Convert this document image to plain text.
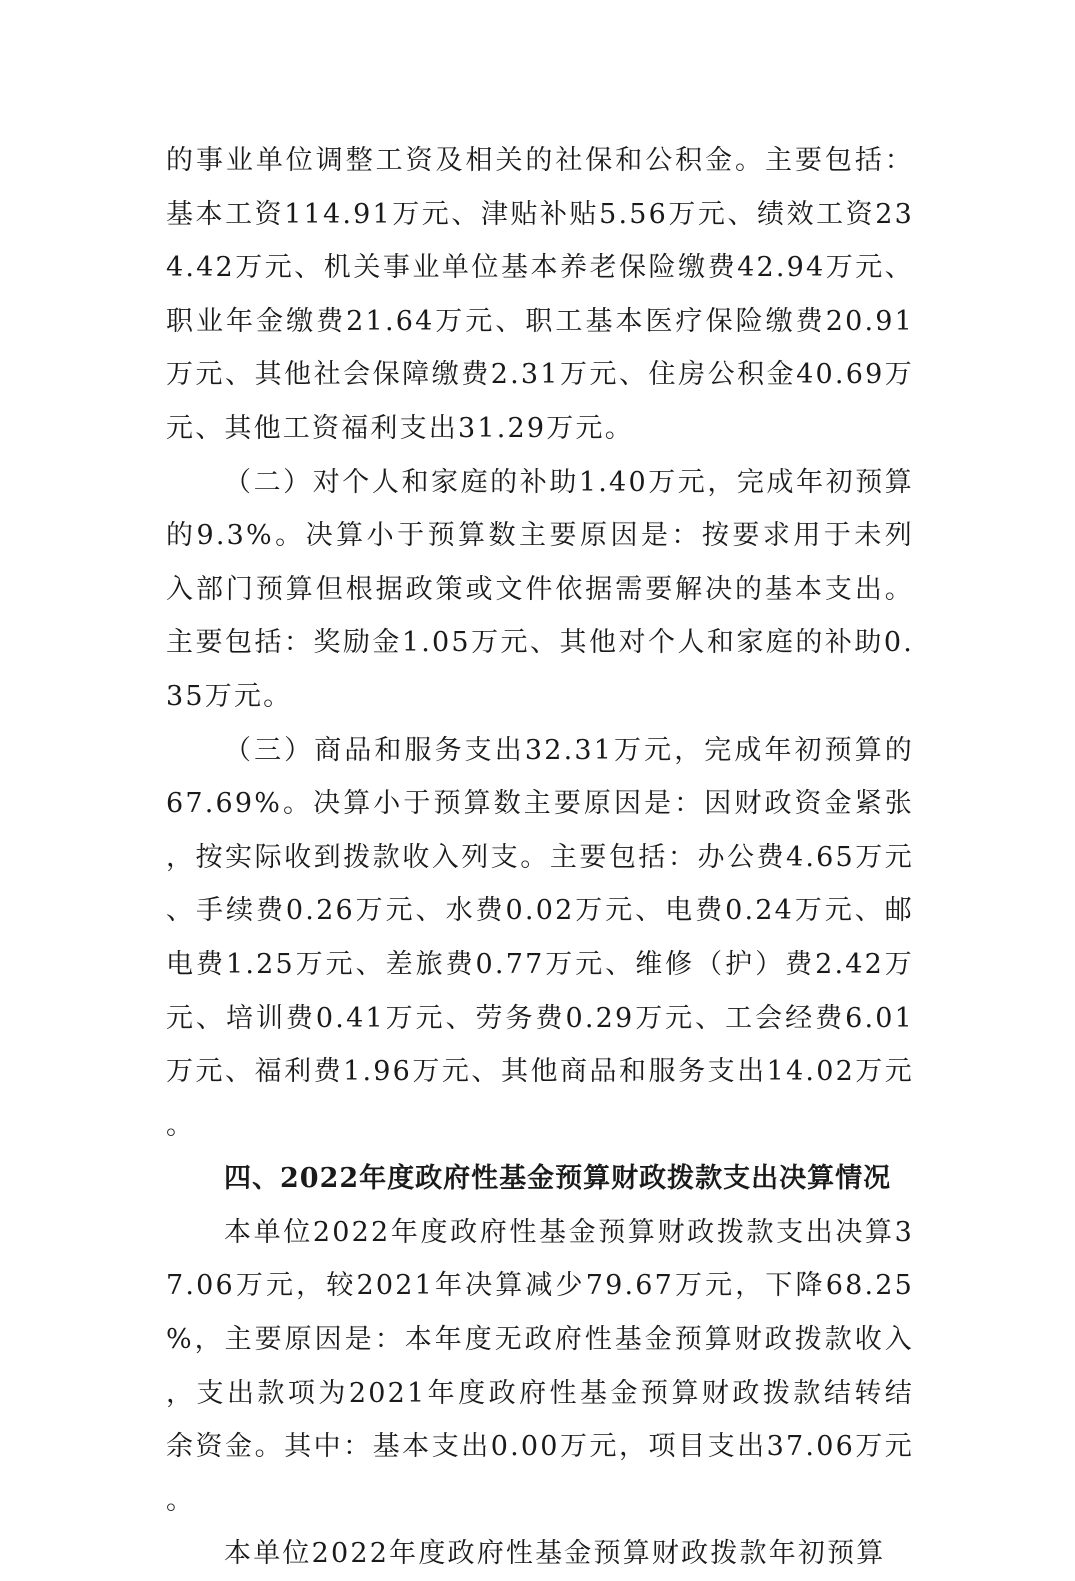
的事业单位调整工资及相关的社保和公积金。主要包括：基本工资114.91万元、津贴补贴5.56万元、绩效工资234.42万元、机关事业单位基本养老保险缴费42.94万元、职业年金缴费21.64万元、职工基本医疗保险缴费20.91万元、其他社会保障缴费2.31万元、住房公积金40.69万元、其他工资福利支出31.29万元。

（二）对个人和家庭的补助1.40万元，完成年初预算的9.3%。决算小于预算数主要原因是：按要求用于未列入部门预算但根据政策或文件依据需要解决的基本支出。主要包括：奖励金1.05万元、其他对个人和家庭的补助0.35万元。

（三）商品和服务支出32.31万元，完成年初预算的67.69%。决算小于预算数主要原因是：因财政资金紧张，按实际收到拨款收入列支。主要包括：办公费4.65万元、手续费0.26万元、水费0.02万元、电费0.24万元、邮电费1.25万元、差旅费0.77万元、维修（护）费2.42万元、培训费0.41万元、劳务费0.29万元、工会经费6.01万元、福利费1.96万元、其他商品和服务支出14.02万元。

四、2022年度政府性基金预算财政拨款支出决算情况

本单位2022年度政府性基金预算财政拨款支出决算37.06万元，较2021年决算减少79.67万元，下降68.25%，主要原因是：本年度无政府性基金预算财政拨款收入，支出款项为2021年度政府性基金预算财政拨款结转结余资金。其中：基本支出0.00万元，项目支出37.06万元。

本单位2022年度政府性基金预算财政拨款年初预算
